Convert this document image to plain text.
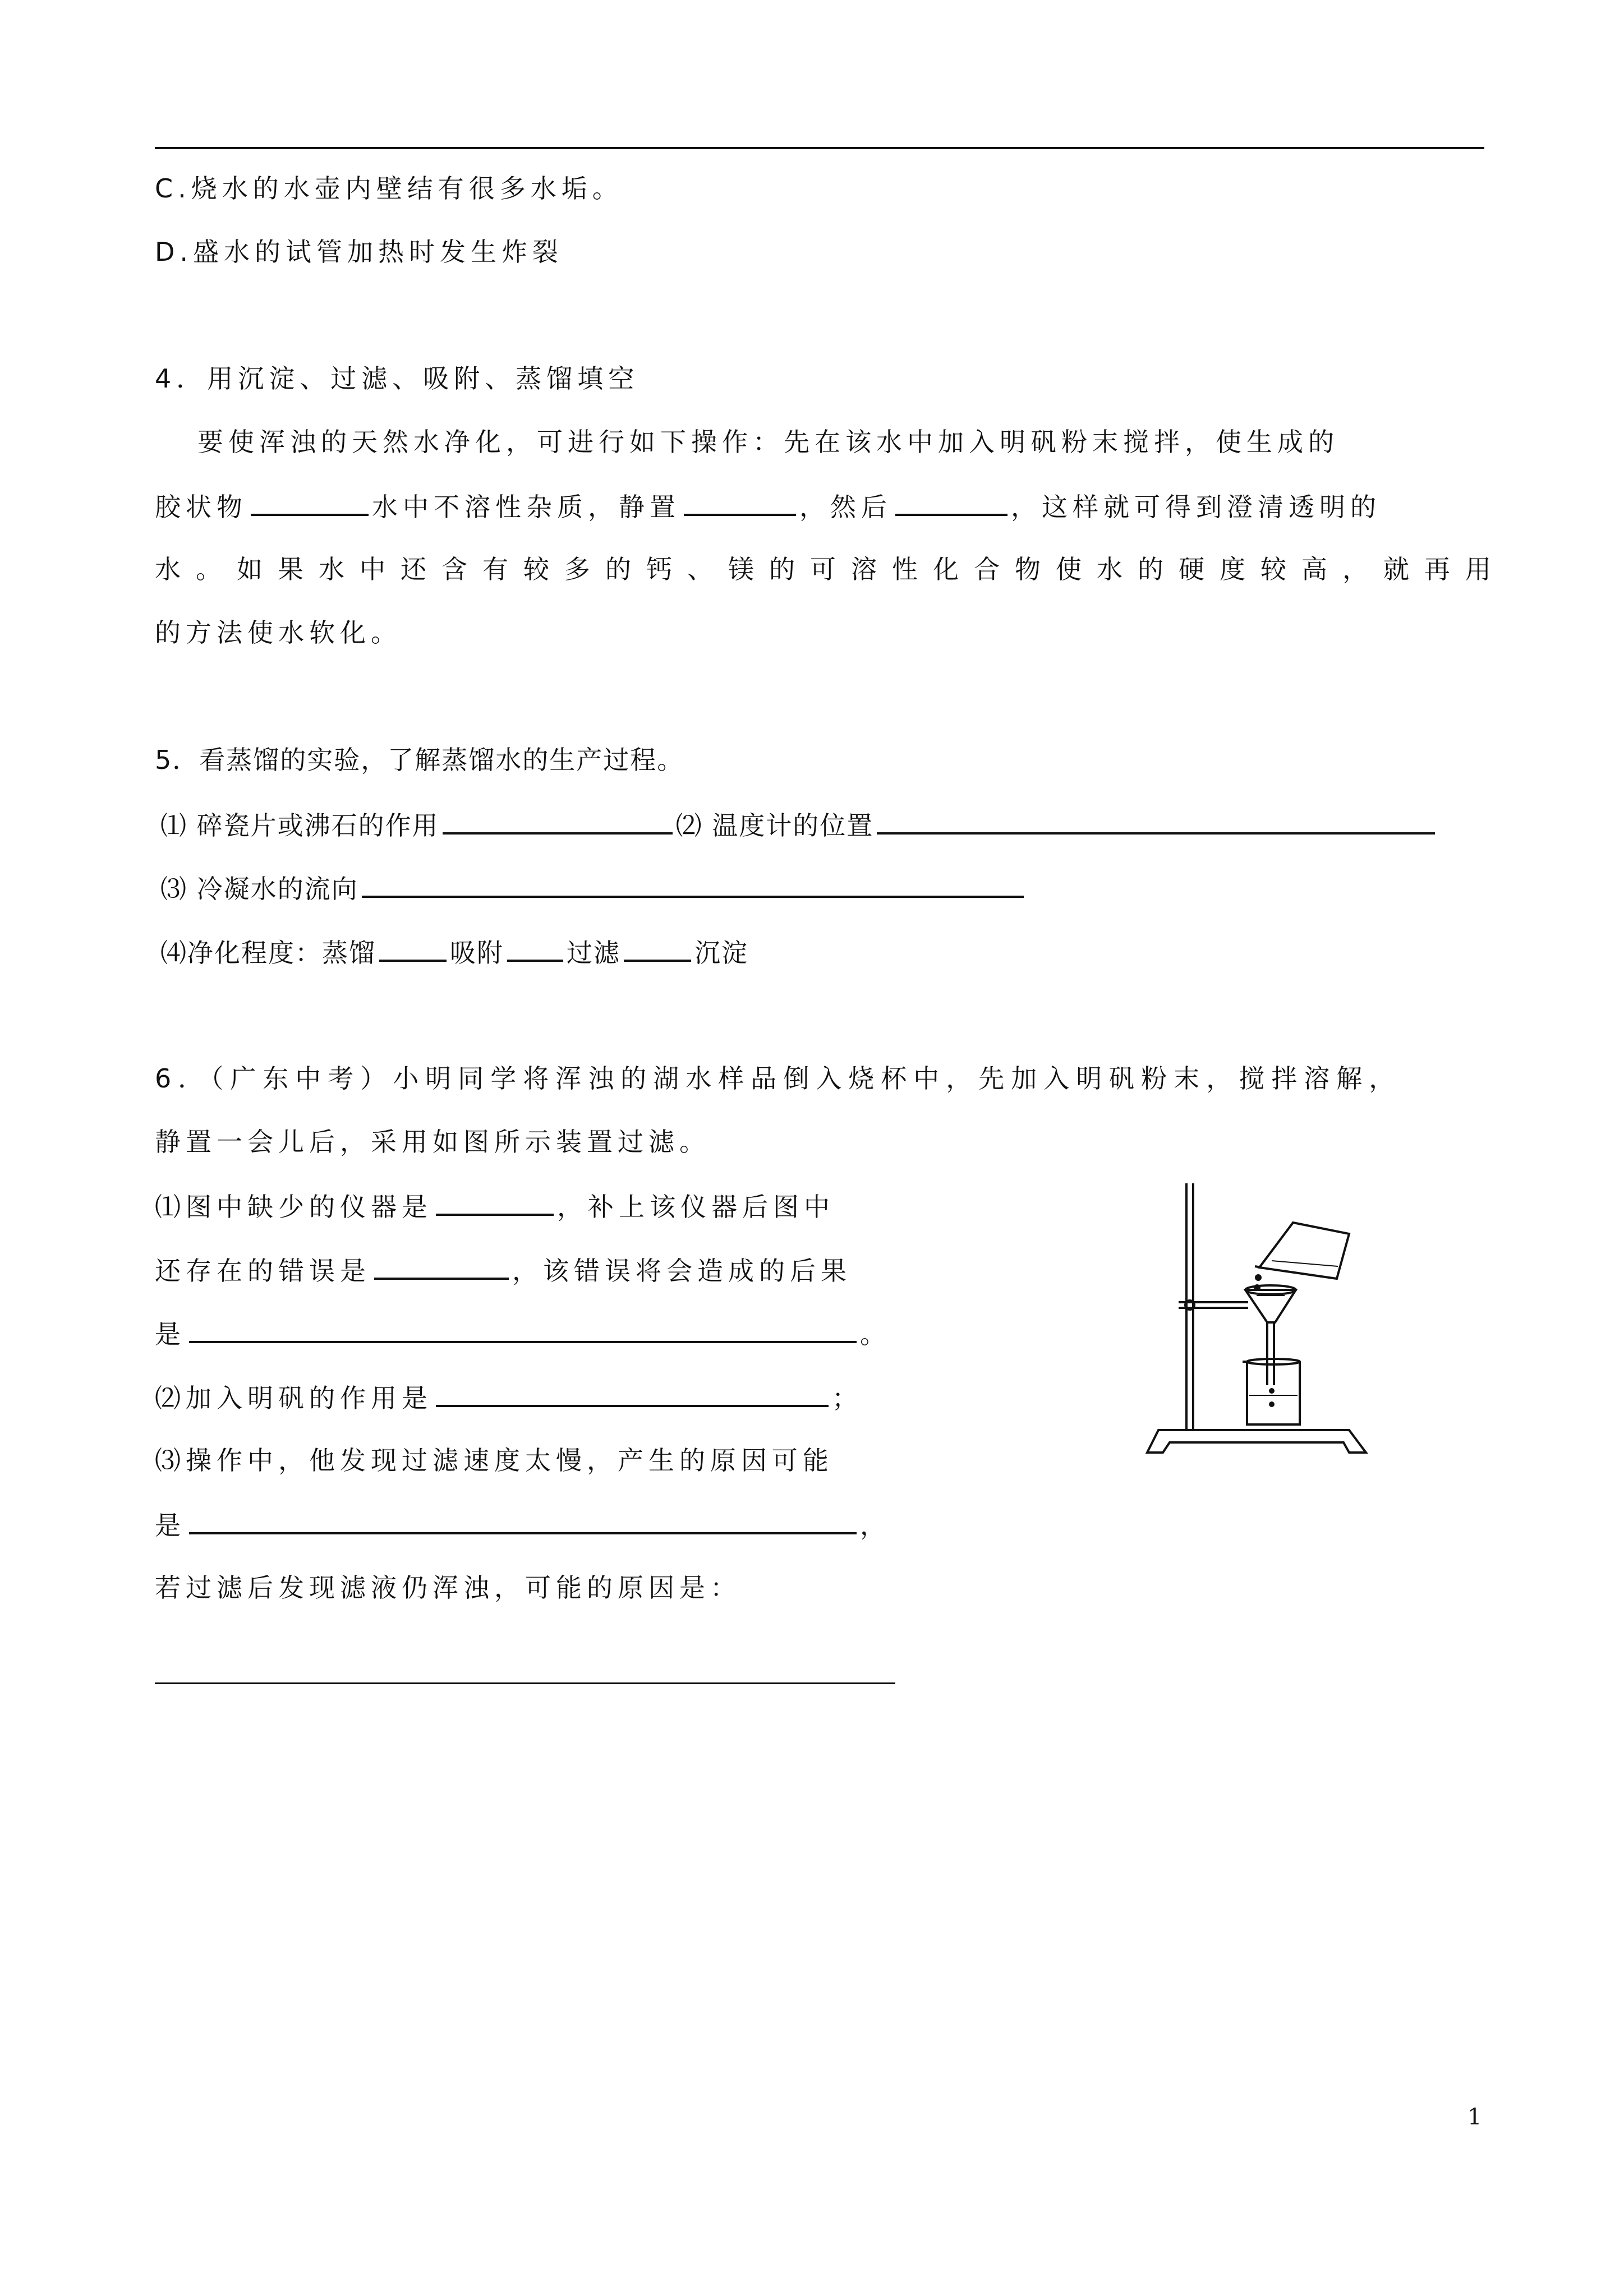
C.烧水的水壶内壁结有很多水垢。
D.盛水的试管加热时发生炸裂
4．用沉淀、过滤、吸附、蒸馏填空
要使浑浊的天然水净化，可进行如下操作：先在该水中加入明矾粉末搅拌，使生成的
胶状物	水中不溶性杂质，静置	，然后	，这样就可得到澄清透明的
水。如果水中还含有较多的钙、镁的可溶性化合物使水的硬度较高，就再用
的方法使水软化。
5．看蒸馏的实验，了解蒸馏水的生产过程。
⑴ 碎瓷片或沸石的作用	⑵ 温度计的位置
⑶ 冷凝水的流向
⑷净化程度：蒸馏	吸附 过滤	沉淀
6．（广东中考）小明同学将浑浊的湖水样品倒入烧杯中，先加入明矾粉末，搅拌溶解，
静置一会儿后，采用如图所示装置过滤。
⑴图中缺少的仪器是	，补上该仪器后图中
还存在的错误是	，该错误将会造成的后果
是	。
⑵加入明矾的作用是	；
⑶操作中，他发现过滤速度太慢，产生的原因可能
是	，
若过滤后发现滤液仍浑浊，可能的原因是：
1
